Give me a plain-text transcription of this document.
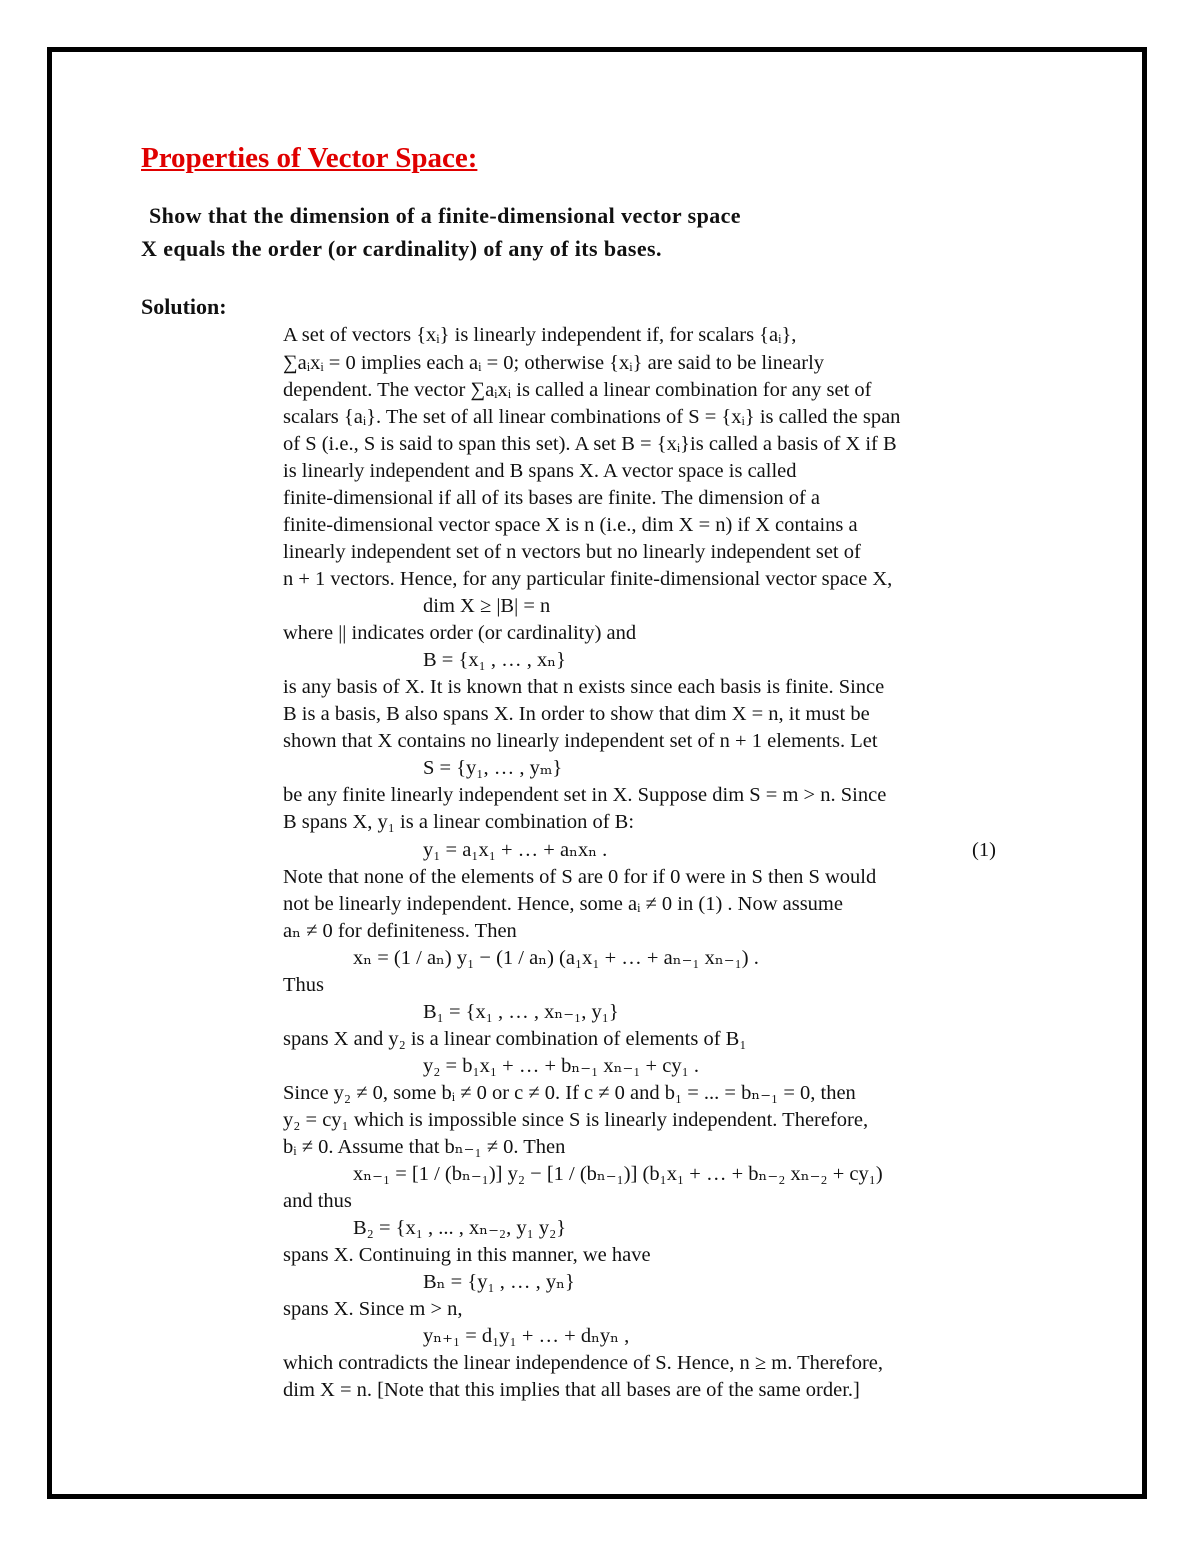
Properties of Vector Space:
Show that the dimension of a finite-dimensional vector space
X equals the order (or cardinality) of any of its bases.
Solution:
A set of vectors {xᵢ} is linearly independent if, for scalars {aᵢ},
∑aᵢxᵢ = 0 implies each aᵢ = 0; otherwise {xᵢ} are said to be linearly
dependent. The vector ∑aᵢxᵢ is called a linear combination for any set of
scalars {aᵢ}. The set of all linear combinations of S = {xᵢ} is called the span
of S (i.e., S is said to span this set). A set B = {xᵢ}is called a basis of X if B
is linearly independent and B spans X. A vector space is called
finite-dimensional if all of its bases are finite. The dimension of a
finite-dimensional vector space X is n (i.e., dim X = n) if X contains a
linearly independent set of n vectors but no linearly independent set of
n + 1 vectors. Hence, for any particular finite-dimensional vector space X,
dim X ≥ |B| = n
where || indicates order (or cardinality) and
B = {x₁ , … , xₙ}
is any basis of X. It is known that n exists since each basis is finite. Since
B is a basis, B also spans X. In order to show that dim X = n, it must be
shown that X contains no linearly independent set of n + 1 elements. Let
S = {y₁, … , yₘ}
be any finite linearly independent set in X. Suppose dim S = m > n. Since
B spans X, y₁ is a linear combination of B:
y₁ = a₁x₁ + … + aₙxₙ .	(1)
Note that none of the elements of S are 0 for if 0 were in S then S would
not be linearly independent. Hence, some aᵢ ≠ 0 in (1) . Now assume
aₙ ≠ 0 for definiteness. Then
xₙ = (1 / aₙ) y₁ − (1 / aₙ) (a₁x₁ + … + aₙ₋₁ xₙ₋₁) .
Thus
B₁ = {x₁ , … , xₙ₋₁, y₁}
spans X and y₂ is a linear combination of elements of B₁
y₂ = b₁x₁ + … + bₙ₋₁ xₙ₋₁ + cy₁ .
Since y₂ ≠ 0, some bᵢ ≠ 0 or c ≠ 0. If c ≠ 0 and b₁ = ... = bₙ₋₁ = 0, then
y₂ = cy₁ which is impossible since S is linearly independent. Therefore,
bᵢ ≠ 0. Assume that bₙ₋₁ ≠ 0. Then
xₙ₋₁ = [1 / (bₙ₋₁)] y₂ − [1 / (bₙ₋₁)] (b₁x₁ + … + bₙ₋₂ xₙ₋₂ + cy₁)
and thus
B₂ = {x₁ , ... , xₙ₋₂, y₁ y₂}
spans X. Continuing in this manner, we have
Bₙ = {y₁ , … , yₙ}
spans X. Since m > n,
yₙ₊₁ = d₁y₁ + … + dₙyₙ ,
which contradicts the linear independence of S. Hence, n ≥ m. Therefore,
dim X = n. [Note that this implies that all bases are of the same order.]
